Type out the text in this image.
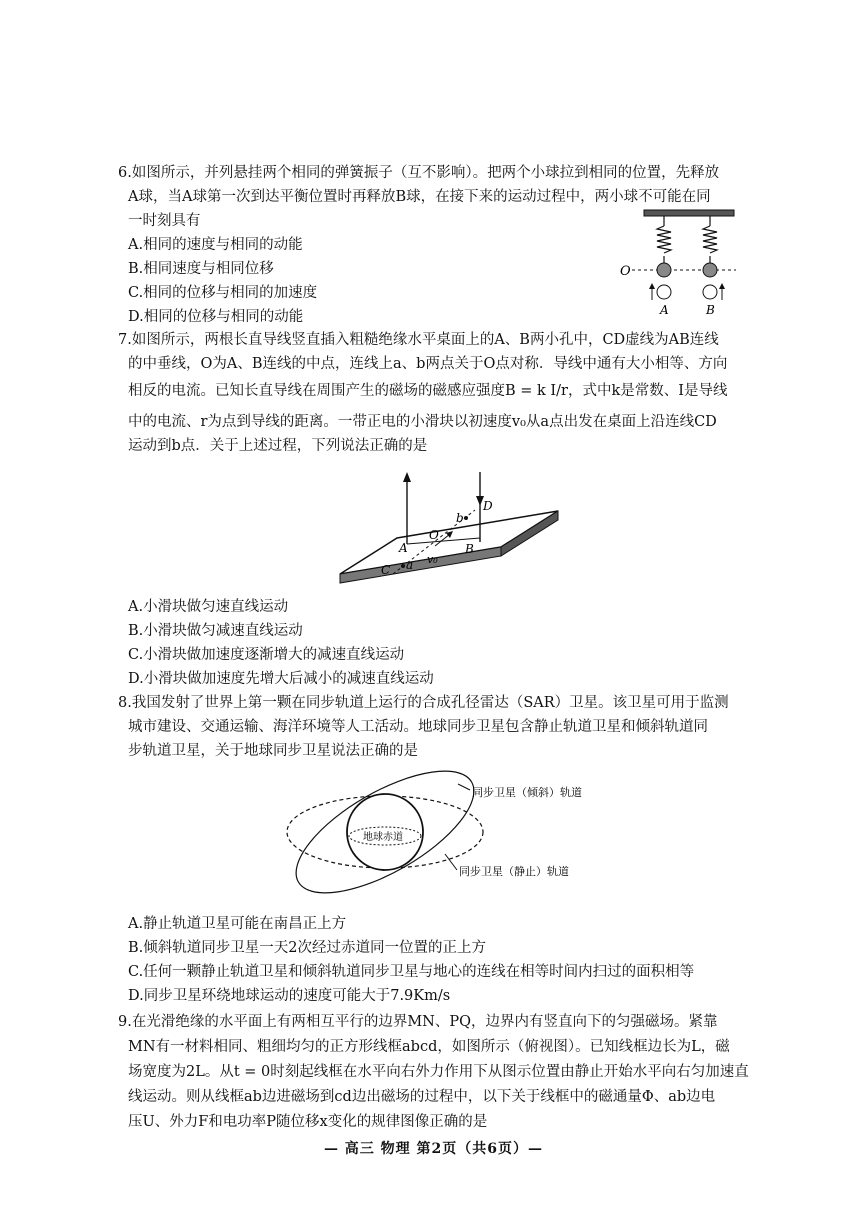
6.如图所示，并列悬挂两个相同的弹簧振子（互不影响）。把两个小球拉到相同的位置，先释放
A球，当A球第一次到达平衡位置时再释放B球，在接下来的运动过程中，两小球不可能在同
一时刻具有
A.相同的速度与相同的动能
B.相同速度与相同位移
C.相同的位移与相同的加速度
D.相同的位移与相同的动能
O
A	B
7.如图所示，两根长直导线竖直插入粗糙绝缘水平桌面上的A、B两小孔中，CD虚线为AB连线
的中垂线，O为A、B连线的中点，连线上a、b两点关于O点对称．导线中通有大小相等、方向
相反的电流。已知长直导线在周围产生的磁场的磁感应强度B = k I/r，式中k是常数、I是导线
中的电流、r为点到导线的距离。一带正电的小滑块以初速度v₀从a点出发在桌面上沿连线CD
运动到b点．关于上述过程，下列说法正确的是
A
O
B
C a
b
D
v₀
A.小滑块做匀速直线运动
B.小滑块做匀减速直线运动
C.小滑块做加速度逐渐增大的减速直线运动
D.小滑块做加速度先增大后减小的减速直线运动
8.我国发射了世界上第一颗在同步轨道上运行的合成孔径雷达（SAR）卫星。该卫星可用于监测
城市建设、交通运输、海洋环境等人工活动。地球同步卫星包含静止轨道卫星和倾斜轨道同
步轨道卫星，关于地球同步卫星说法正确的是
地球赤道
同步卫星（倾斜）轨道
同步卫星（静止）轨道
A.静止轨道卫星可能在南昌正上方
B.倾斜轨道同步卫星一天2次经过赤道同一位置的正上方
C.任何一颗静止轨道卫星和倾斜轨道同步卫星与地心的连线在相等时间内扫过的面积相等
D.同步卫星环绕地球运动的速度可能大于7.9Km/s
9.在光滑绝缘的水平面上有两相互平行的边界MN、PQ，边界内有竖直向下的匀强磁场。紧靠
MN有一材料相同、粗细均匀的正方形线框abcd，如图所示（俯视图）。已知线框边长为L，磁
场宽度为2L。从t = 0时刻起线框在水平向右外力作用下从图示位置由静止开始水平向右匀加速直
线运动。则从线框ab边进磁场到cd边出磁场的过程中，以下关于线框中的磁通量Φ、ab边电
压U、外力F和电功率P随位移x变化的规律图像正确的是
— 高三 物理 第2页（共6页）—
